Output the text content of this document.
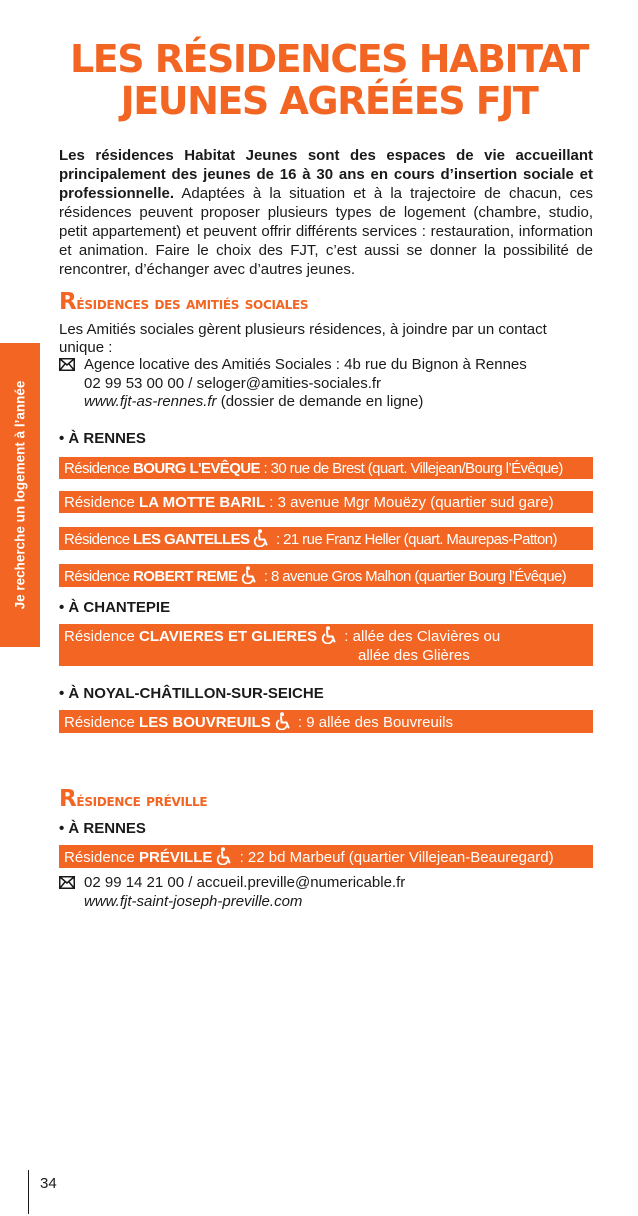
LES RÉSIDENCES HABITAT
JEUNES AGRÉÉES FJT

Les résidences Habitat Jeunes sont des espaces de vie accueillant principalement des jeunes de 16 à 30 ans en cours d’insertion sociale et professionnelle. Adaptées à la situation et à la trajectoire de chacun, ces résidences peuvent proposer plusieurs types de logement (chambre, studio, petit appartement) et peuvent offrir différents services : restauration, information et animation. Faire le choix des FJT, c’est aussi se donner la possibilité de rencontrer, d’échanger avec d’autres jeunes.

Je recherche un logement à l’année
Résidences des amitiés sociales

Les Amitiés sociales gèrent plusieurs résidences, à joindre par un contact unique :

Agence locative des Amitiés Sociales : 4b rue du Bignon à Rennes
02 99 53 00 00 / seloger@amities-sociales.fr
www.fjt-as-rennes.fr (dossier de demande en ligne)

• À RENNES

Résidence BOURG L'EVÊQUE : 30 rue de Brest (quart. Villejean/Bourg l’Évêque)
Résidence LA MOTTE BARIL : 3 avenue Mgr Mouëzy (quartier sud gare)
Résidence LES GANTELLES : 21 rue Franz Heller (quart. Maurepas-Patton)
Résidence ROBERT REME : 8 avenue Gros Malhon (quartier Bourg l’Évêque)

• À CHANTEPIE

Résidence CLAVIERES ET GLIERES : allée des Clavières ou
allée des Glières

• À NOYAL-CHÂTILLON-SUR-SEICHE

Résidence LES BOUVREUILS : 9 allée des Bouvreuils
Résidence préville

• À RENNES

Résidence PRÉVILLE : 22 bd Marbeuf (quartier Villejean-Beauregard)
02 99 14 21 00 / accueil.preville@numericable.fr
www.fjt-saint-joseph-preville.com

34
